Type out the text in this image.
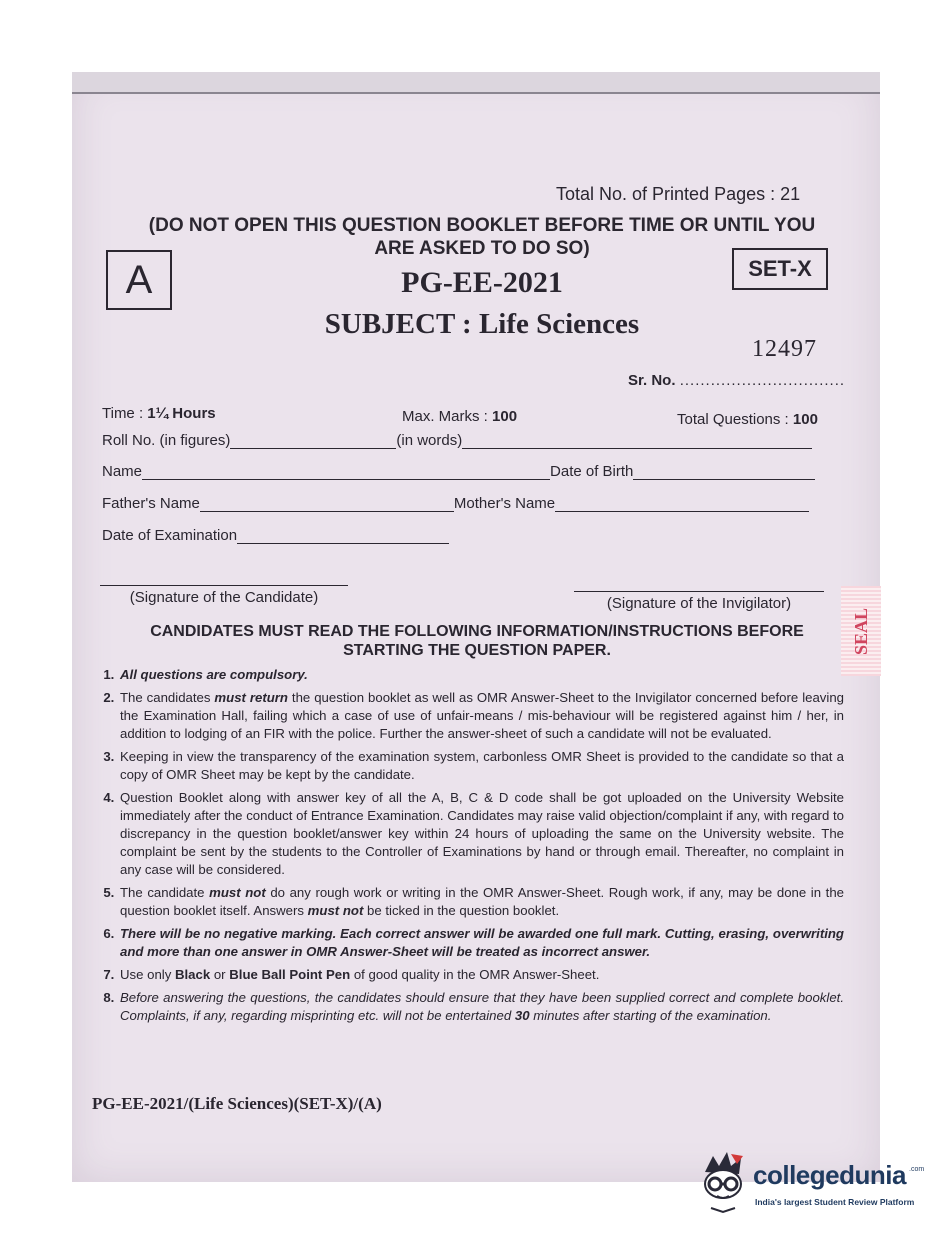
Total No. of Printed Pages : 21
(DO NOT OPEN THIS QUESTION BOOKLET BEFORE TIME OR UNTIL YOU
ARE ASKED TO DO SO)
A	SET-X
PG-EE-2021
SUBJECT : Life Sciences
12497
Sr. No. ................................
Time : 1¼ Hours	Max. Marks : 100	Total Questions : 100
Roll No. (in figures)	(in words)
Name	Date of Birth
Father's Name	Mother's Name
Date of Examination
(Signature of the Candidate)	(Signature of the Invigilator)
CANDIDATES MUST READ THE FOLLOWING INFORMATION/INSTRUCTIONS BEFORE
STARTING THE QUESTION PAPER.
1. All questions are compulsory.
2. The candidates must return the question booklet as well as OMR Answer-Sheet to the Invigilator concerned before leaving the Examination Hall, failing which a case of use of unfair-means / mis-behaviour will be registered against him / her, in addition to lodging of an FIR with the police. Further the answer-sheet of such a candidate will not be evaluated.
3. Keeping in view the transparency of the examination system, carbonless OMR Sheet is provided to the candidate so that a copy of OMR Sheet may be kept by the candidate.
4. Question Booklet along with answer key of all the A, B, C & D code shall be got uploaded on the University Website immediately after the conduct of Entrance Examination. Candidates may raise valid objection/complaint if any, with regard to discrepancy in the question booklet/answer key within 24 hours of uploading the same on the University website. The complaint be sent by the students to the Controller of Examinations by hand or through email. Thereafter, no complaint in any case will be considered.
5. The candidate must not do any rough work or writing in the OMR Answer-Sheet. Rough work, if any, may be done in the question booklet itself. Answers must not be ticked in the question booklet.
6. There will be no negative marking. Each correct answer will be awarded one full mark. Cutting, erasing, overwriting and more than one answer in OMR Answer-Sheet will be treated as incorrect answer.
7. Use only Black or Blue Ball Point Pen of good quality in the OMR Answer-Sheet.
8. Before answering the questions, the candidates should ensure that they have been supplied correct and complete booklet. Complaints, if any, regarding misprinting etc. will not be entertained 30 minutes after starting of the examination.
PG-EE-2021/(Life Sciences)(SET-X)/(A)
SEAL
collegedunia .com
India's largest Student Review Platform
